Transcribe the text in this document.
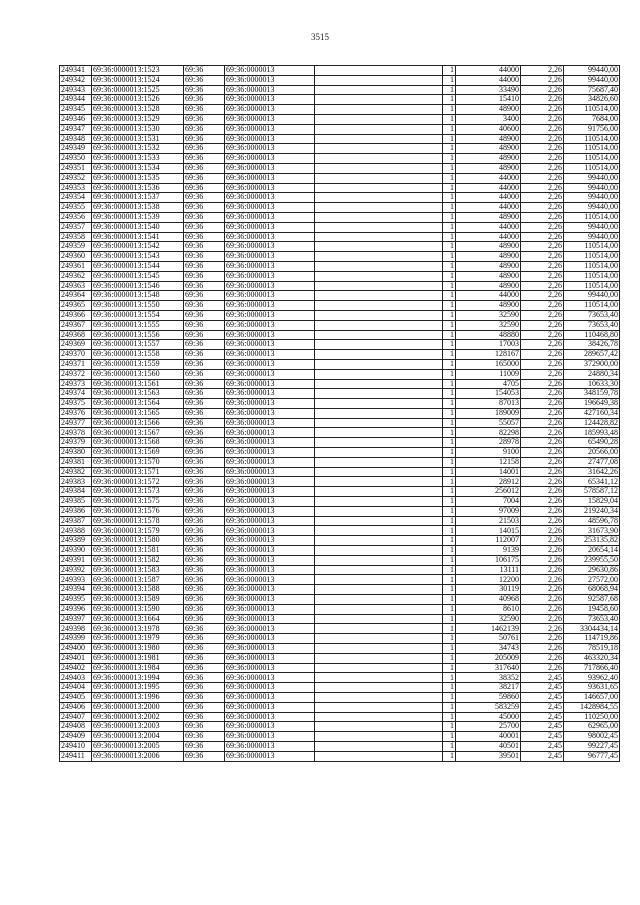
3515
249341	69:36:0000013:1523	69:36	69:36:0000013		1	44000	2,26	99440,00
249342	69:36:0000013:1524	69:36	69:36:0000013		1	44000	2,26	99440,00
249343	69:36:0000013:1525	69:36	69:36:0000013		1	33490	2,26	75687,40
249344	69:36:0000013:1526	69:36	69:36:0000013		1	15410	2,26	34826,60
249345	69:36:0000013:1528	69:36	69:36:0000013		1	48900	2,26	110514,00
249346	69:36:0000013:1529	69:36	69:36:0000013		1	3400	2,26	7684,00
249347	69:36:0000013:1530	69:36	69:36:0000013		1	40600	2,26	91756,00
249348	69:36:0000013:1531	69:36	69:36:0000013		1	48900	2,26	110514,00
249349	69:36:0000013:1532	69:36	69:36:0000013		1	48900	2,26	110514,00
249350	69:36:0000013:1533	69:36	69:36:0000013		1	48900	2,26	110514,00
249351	69:36:0000013:1534	69:36	69:36:0000013		1	48900	2,26	110514,00
249352	69:36:0000013:1535	69:36	69:36:0000013		1	44000	2,26	99440,00
249353	69:36:0000013:1536	69:36	69:36:0000013		1	44000	2,26	99440,00
249354	69:36:0000013:1537	69:36	69:36:0000013		1	44000	2,26	99440,00
249355	69:36:0000013:1538	69:36	69:36:0000013		1	44000	2,26	99440,00
249356	69:36:0000013:1539	69:36	69:36:0000013		1	48900	2,26	110514,00
249357	69:36:0000013:1540	69:36	69:36:0000013		1	44000	2,26	99440,00
249358	69:36:0000013:1541	69:36	69:36:0000013		1	44000	2,26	99440,00
249359	69:36:0000013:1542	69:36	69:36:0000013		1	48900	2,26	110514,00
249360	69:36:0000013:1543	69:36	69:36:0000013		1	48900	2,26	110514,00
249361	69:36:0000013:1544	69:36	69:36:0000013		1	48900	2,26	110514,00
249362	69:36:0000013:1545	69:36	69:36:0000013		1	48900	2,26	110514,00
249363	69:36:0000013:1546	69:36	69:36:0000013		1	48900	2,26	110514,00
249364	69:36:0000013:1548	69:36	69:36:0000013		1	44000	2,26	99440,00
249365	69:36:0000013:1550	69:36	69:36:0000013		1	48900	2,26	110514,00
249366	69:36:0000013:1554	69:36	69:36:0000013		1	32590	2,26	73653,40
249367	69:36:0000013:1555	69:36	69:36:0000013		1	32590	2,26	73653,40
249368	69:36:0000013:1556	69:36	69:36:0000013		1	48880	2,26	110468,80
249369	69:36:0000013:1557	69:36	69:36:0000013		1	17003	2,26	38426,78
249370	69:36:0000013:1558	69:36	69:36:0000013		1	128167	2,26	289657,42
249371	69:36:0000013:1559	69:36	69:36:0000013		1	165000	2,26	372900,00
249372	69:36:0000013:1560	69:36	69:36:0000013		1	11009	2,26	24880,34
249373	69:36:0000013:1561	69:36	69:36:0000013		1	4705	2,26	10633,30
249374	69:36:0000013:1563	69:36	69:36:0000013		1	154053	2,26	348159,78
249375	69:36:0000013:1564	69:36	69:36:0000013		1	87013	2,26	196649,38
249376	69:36:0000013:1565	69:36	69:36:0000013		1	189009	2,26	427160,34
249377	69:36:0000013:1566	69:36	69:36:0000013		1	55057	2,26	124428,82
249378	69:36:0000013:1567	69:36	69:36:0000013		1	82298	2,26	185993,48
249379	69:36:0000013:1568	69:36	69:36:0000013		1	28978	2,26	65490,28
249380	69:36:0000013:1569	69:36	69:36:0000013		1	9100	2,26	20566,00
249381	69:36:0000013:1570	69:36	69:36:0000013		1	12158	2,26	27477,08
249382	69:36:0000013:1571	69:36	69:36:0000013		1	14001	2,26	31642,26
249383	69:36:0000013:1572	69:36	69:36:0000013		1	28912	2,26	65341,12
249384	69:36:0000013:1573	69:36	69:36:0000013		1	256012	2,26	578587,12
249385	69:36:0000013:1575	69:36	69:36:0000013		1	7004	2,26	15829,04
249386	69:36:0000013:1576	69:36	69:36:0000013		1	97009	2,26	219240,34
249387	69:36:0000013:1578	69:36	69:36:0000013		1	21503	2,26	48596,78
249388	69:36:0000013:1579	69:36	69:36:0000013		1	14015	2,26	31673,90
249389	69:36:0000013:1580	69:36	69:36:0000013		1	112007	2,26	253135,82
249390	69:36:0000013:1581	69:36	69:36:0000013		1	9139	2,26	20654,14
249391	69:36:0000013:1582	69:36	69:36:0000013		1	106175	2,26	239955,50
249392	69:36:0000013:1583	69:36	69:36:0000013		1	13111	2,26	29630,86
249393	69:36:0000013:1587	69:36	69:36:0000013		1	12200	2,26	27572,00
249394	69:36:0000013:1588	69:36	69:36:0000013		1	30119	2,26	68068,94
249395	69:36:0000013:1589	69:36	69:36:0000013		1	40968	2,26	92587,68
249396	69:36:0000013:1590	69:36	69:36:0000013		1	8610	2,26	19458,60
249397	69:36:0000013:1664	69:36	69:36:0000013		1	32590	2,26	73653,40
249398	69:36:0000013:1978	69:36	69:36:0000013		1	1462139	2,26	3304434,14
249399	69:36:0000013:1979	69:36	69:36:0000013		1	50761	2,26	114719,86
249400	69:36:0000013:1980	69:36	69:36:0000013		1	34743	2,26	78519,18
249401	69:36:0000013:1981	69:36	69:36:0000013		1	205009	2,26	463320,34
249402	69:36:0000013:1984	69:36	69:36:0000013		1	317640	2,26	717866,40
249403	69:36:0000013:1994	69:36	69:36:0000013		1	38352	2,45	93962,40
249404	69:36:0000013:1995	69:36	69:36:0000013		1	38217	2,45	93631,65
249405	69:36:0000013:1996	69:36	69:36:0000013		1	59860	2,45	146657,00
249406	69:36:0000013:2000	69:36	69:36:0000013		1	583259	2,45	1428984,55
249407	69:36:0000013:2002	69:36	69:36:0000013		1	45000	2,45	110250,00
249408	69:36:0000013:2003	69:36	69:36:0000013		1	25700	2,45	62965,00
249409	69:36:0000013:2004	69:36	69:36:0000013		1	40001	2,45	98002,45
249410	69:36:0000013:2005	69:36	69:36:0000013		1	40501	2,45	99227,45
249411	69:36:0000013:2006	69:36	69:36:0000013		1	39501	2,45	96777,45
